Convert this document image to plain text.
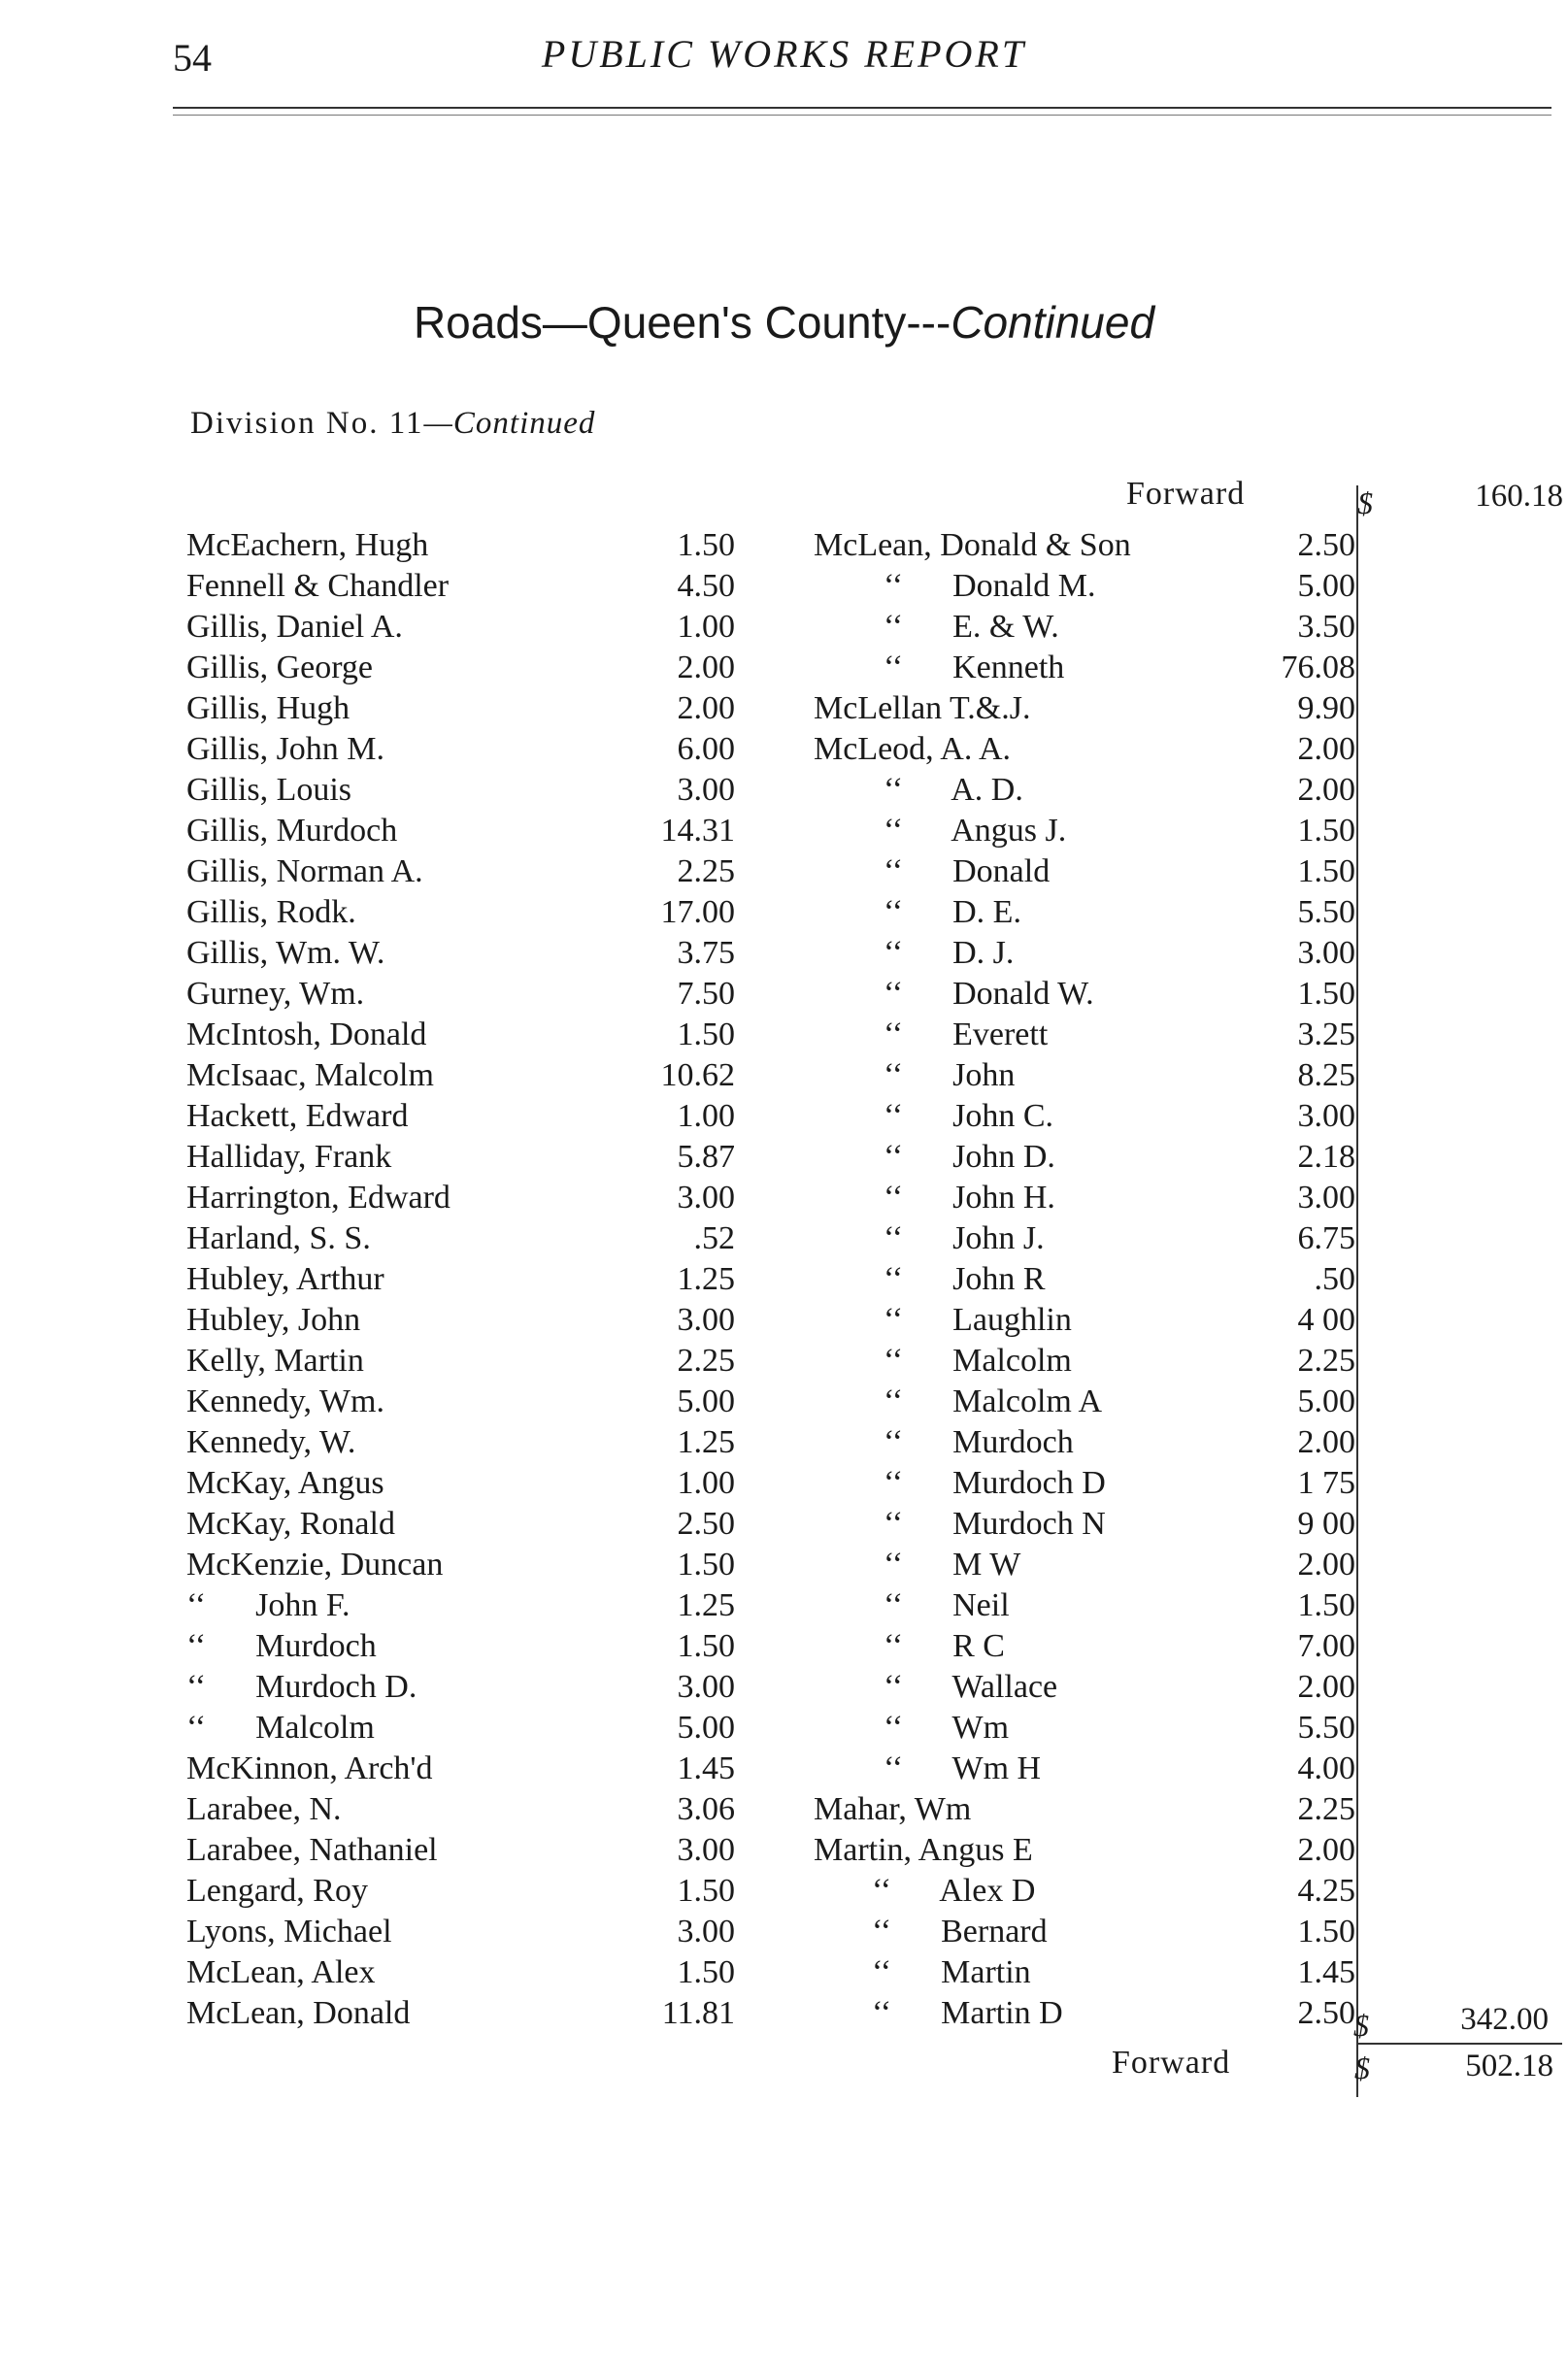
54	PUBLIC WORKS REPORT
Roads—Queen's County---Continued
Division No. 11—Continued
Forward	$	160.18
McEachern, Hugh	1.50
Fennell & Chandler	4.50
Gillis, Daniel A.	1.00
Gillis, George	2.00
Gillis, Hugh	2.00
Gillis, John M.	6.00
Gillis, Louis	3.00
Gillis, Murdoch	14.31
Gillis, Norman A.	2.25
Gillis, Rodk.	17.00
Gillis, Wm. W.	3.75
Gurney, Wm.	7.50
McIntosh, Donald	1.50
McIsaac, Malcolm	10.62
Hackett, Edward	1.00
Halliday, Frank	5.87
Harrington, Edward	3.00
Harland, S. S.	.52
Hubley, Arthur	1.25
Hubley, John	3.00
Kelly, Martin	2.25
Kennedy, Wm.	5.00
Kennedy, W.	1.25
McKay, Angus	1.00
McKay, Ronald	2.50
McKenzie, Duncan	1.50
‘‘      John F.	1.25
‘‘      Murdoch	1.50
‘‘      Murdoch D.	3.00
‘‘      Malcolm	5.00
McKinnon, Arch'd	1.45
Larabee, N.	3.06
Larabee, Nathaniel	3.00
Lengard, Roy	1.50
Lyons, Michael	3.00
McLean, Alex	1.50
McLean, Donald	11.81
McLean, Donald & Son	2.50
‘‘      Donald M.	5.00
‘‘      E. & W.	3.50
‘‘      Kenneth	76.08
McLellan T.&.J.	9.90
McLeod, A. A.	2.00
‘‘      A. D.	2.00
‘‘      Angus J.	1.50
‘‘      Donald	1.50
‘‘      D. E.	5.50
‘‘      D. J.	3.00
‘‘      Donald W.	1.50
‘‘      Everett	3.25
‘‘      John	8.25
‘‘      John C.	3.00
‘‘      John D.	2.18
‘‘      John H.	3.00
‘‘      John J.	6.75
‘‘      John R	.50
‘‘      Laughlin	4 00
‘‘      Malcolm	2.25
‘‘      Malcolm A	5.00
‘‘      Murdoch	2.00
‘‘      Murdoch D	1 75
‘‘      Murdoch N	9 00
‘‘      M W	2.00
‘‘      Neil	1.50
‘‘      R C	7.00
‘‘      Wallace	2.00
‘‘      Wm	5.50
‘‘      Wm H	4.00
Mahar, Wm	2.25
Martin, Angus E	2.00
‘‘      Alex D	4.25
‘‘      Bernard	1.50
‘‘      Martin	1.45
‘‘      Martin D	2.50
$	342.00
Forward	$	502.18
